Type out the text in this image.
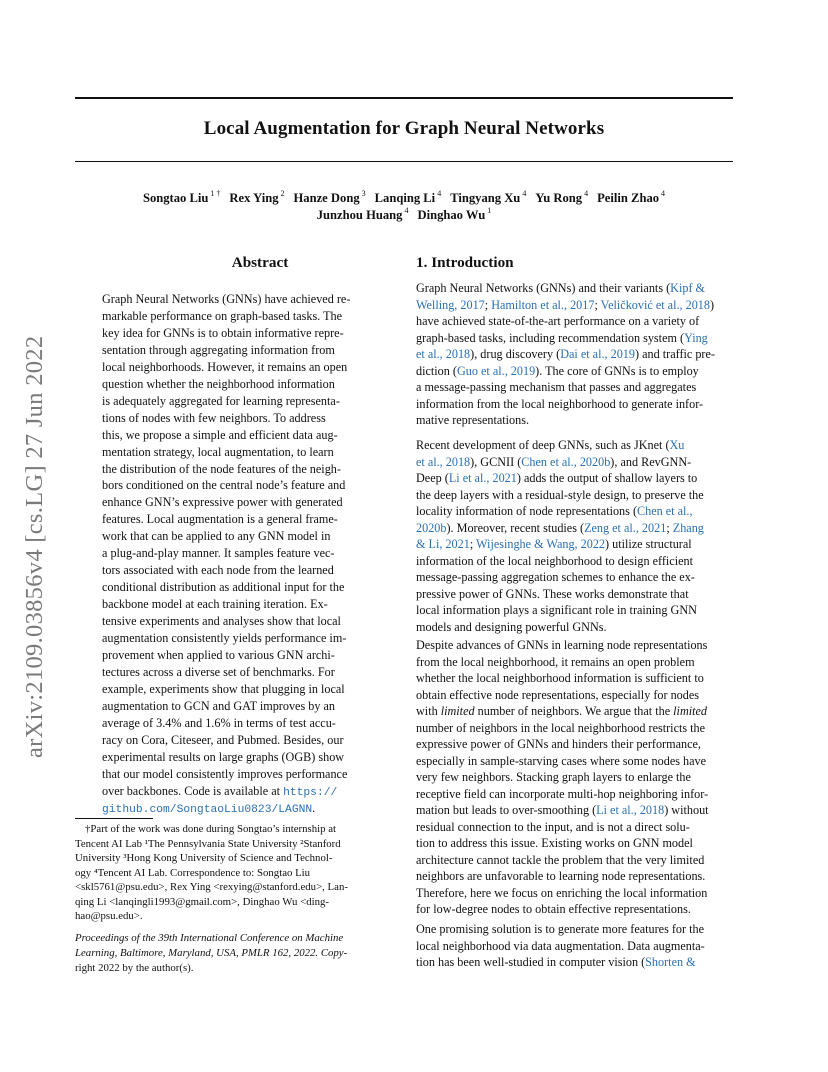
Local Augmentation for Graph Neural Networks
Songtao Liu $^{1 \dagger}$ Rex Ying $^2$ Hanze Dong $^3$ Lanqing Li $^4$ Tingyang Xu $^4$ Yu Rong $^4$ Peilin Zhao $^4$
Junzhou Huang $^4$ Dinghao Wu $^1$
arXiv:2109.03856v4 [cs.LG] 27 Jun 2022
Abstract
Graph Neural Networks (GNNs) have achieved re-
markable performance on graph-based tasks. The
key idea for GNNs is to obtain informative repre-
sentation through aggregating information from
local neighborhoods. However, it remains an open
question whether the neighborhood information
is adequately aggregated for learning representa-
tions of nodes with few neighbors. To address
this, we propose a simple and efficient data aug-
mentation strategy, local augmentation, to learn
the distribution of the node features of the neigh-
bors conditioned on the central node’s feature and
enhance GNN’s expressive power with generated
features. Local augmentation is a general frame-
work that can be applied to any GNN model in
a plug-and-play manner. It samples feature vec-
tors associated with each node from the learned
conditional distribution as additional input for the
backbone model at each training iteration. Ex-
tensive experiments and analyses show that local
augmentation consistently yields performance im-
provement when applied to various GNN archi-
tectures across a diverse set of benchmarks. For
example, experiments show that plugging in local
augmentation to GCN and GAT improves by an
average of 3.4% and 1.6% in terms of test accu-
racy on Cora, Citeseer, and Pubmed. Besides, our
experimental results on large graphs (OGB) show
that our model consistently improves performance
over backbones. Code is available at https://
github.com/SongtaoLiu0823/LAGNN.
†Part of the work was done during Songtao’s internship at
Tencent AI Lab ¹The Pennsylvania State University ²Stanford
University ³Hong Kong University of Science and Technol-
ogy ⁴Tencent AI Lab. Correspondence to: Songtao Liu
<skl5761@psu.edu>, Rex Ying <rexying@stanford.edu>, Lan-
qing Li <lanqingli1993@gmail.com>, Dinghao Wu <ding-
hao@psu.edu>.
Proceedings of the 39th International Conference on Machine
Learning, Baltimore, Maryland, USA, PMLR 162, 2022. Copy-
right 2022 by the author(s).
1. Introduction
Graph Neural Networks (GNNs) and their variants (Kipf &
Welling, 2017; Hamilton et al., 2017; Veličković et al., 2018)
have achieved state-of-the-art performance on a variety of
graph-based tasks, including recommendation system (Ying
et al., 2018), drug discovery (Dai et al., 2019) and traffic pre-
diction (Guo et al., 2019). The core of GNNs is to employ
a message-passing mechanism that passes and aggregates
information from the local neighborhood to generate infor-
mative representations.
Recent development of deep GNNs, such as JKnet (Xu
et al., 2018), GCNII (Chen et al., 2020b), and RevGNN-
Deep (Li et al., 2021) adds the output of shallow layers to
the deep layers with a residual-style design, to preserve the
locality information of node representations (Chen et al.,
2020b). Moreover, recent studies (Zeng et al., 2021; Zhang
& Li, 2021; Wijesinghe & Wang, 2022) utilize structural
information of the local neighborhood to design efficient
message-passing aggregation schemes to enhance the ex-
pressive power of GNNs. These works demonstrate that
local information plays a significant role in training GNN
models and designing powerful GNNs.
Despite advances of GNNs in learning node representations
from the local neighborhood, it remains an open problem
whether the local neighborhood information is sufficient to
obtain effective node representations, especially for nodes
with limited number of neighbors. We argue that the limited
number of neighbors in the local neighborhood restricts the
expressive power of GNNs and hinders their performance,
especially in sample-starving cases where some nodes have
very few neighbors. Stacking graph layers to enlarge the
receptive field can incorporate multi-hop neighboring infor-
mation but leads to over-smoothing (Li et al., 2018) without
residual connection to the input, and is not a direct solu-
tion to address this issue. Existing works on GNN model
architecture cannot tackle the problem that the very limited
neighbors are unfavorable to learning node representations.
Therefore, here we focus on enriching the local information
for low-degree nodes to obtain effective representations.
One promising solution is to generate more features for the
local neighborhood via data augmentation. Data augmenta-
tion has been well-studied in computer vision (Shorten &
